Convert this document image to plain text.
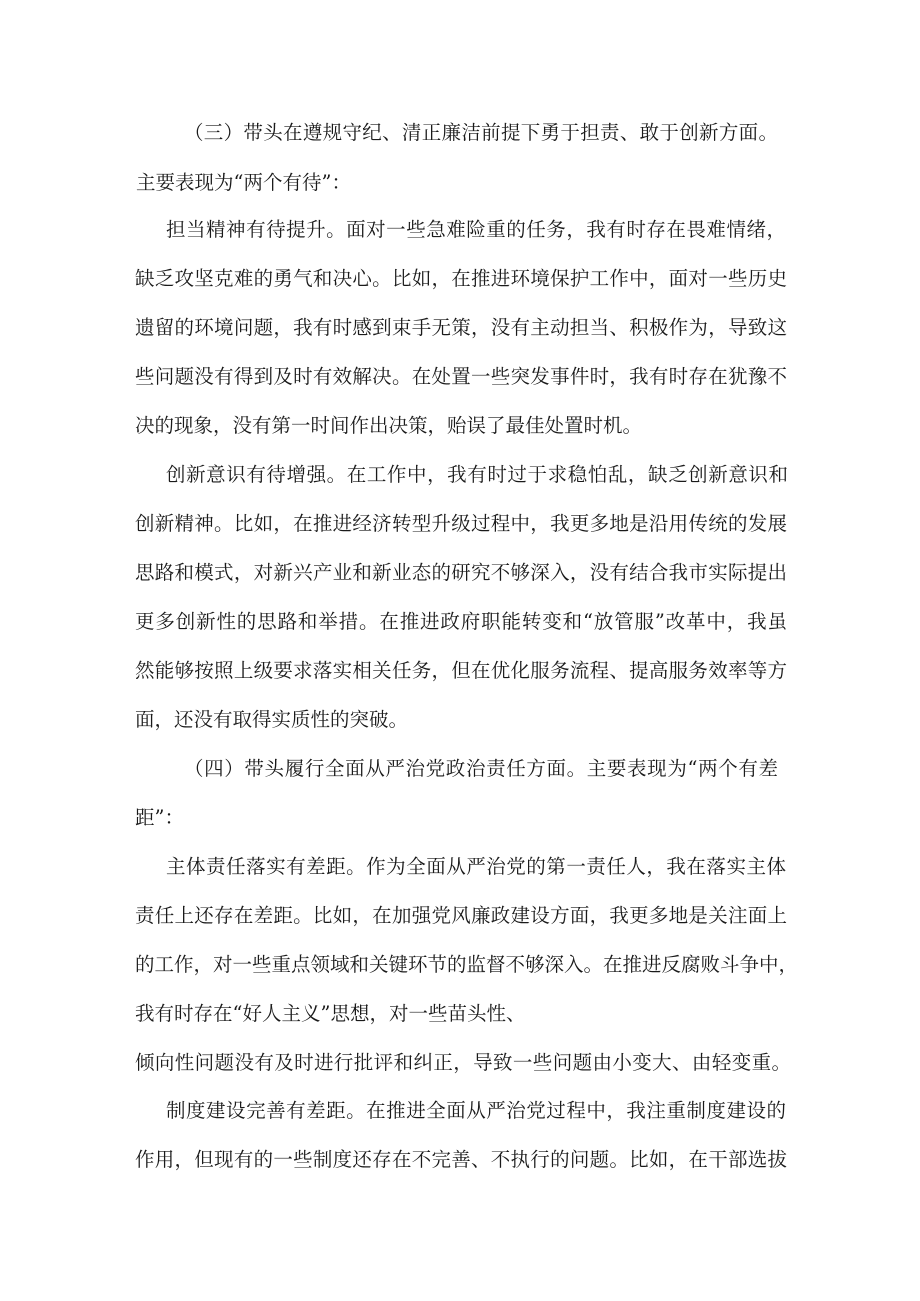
（三）带头在遵规守纪、清正廉洁前提下勇于担责、敢于创新方面。
主要表现为“两个有待”：
担当精神有待提升。面对一些急难险重的任务，我有时存在畏难情绪，
缺乏攻坚克难的勇气和决心。比如，在推进环境保护工作中，面对一些历史
遗留的环境问题，我有时感到束手无策，没有主动担当、积极作为，导致这
些问题没有得到及时有效解决。在处置一些突发事件时，我有时存在犹豫不
决的现象，没有第一时间作出决策，贻误了最佳处置时机。
创新意识有待增强。在工作中，我有时过于求稳怕乱，缺乏创新意识和
创新精神。比如，在推进经济转型升级过程中，我更多地是沿用传统的发展
思路和模式，对新兴产业和新业态的研究不够深入，没有结合我市实际提出
更多创新性的思路和举措。在推进政府职能转变和“放管服”改革中，我虽
然能够按照上级要求落实相关任务，但在优化服务流程、提高服务效率等方
面，还没有取得实质性的突破。
（四）带头履行全面从严治党政治责任方面。主要表现为“两个有差
距”：
主体责任落实有差距。作为全面从严治党的第一责任人，我在落实主体
责任上还存在差距。比如，在加强党风廉政建设方面，我更多地是关注面上
的工作，对一些重点领域和关键环节的监督不够深入。在推进反腐败斗争中，
我有时存在“好人主义”思想，对一些苗头性、
倾向性问题没有及时进行批评和纠正，导致一些问题由小变大、由轻变重。
制度建设完善有差距。在推进全面从严治党过程中，我注重制度建设的
作用，但现有的一些制度还存在不完善、不执行的问题。比如，在干部选拔
